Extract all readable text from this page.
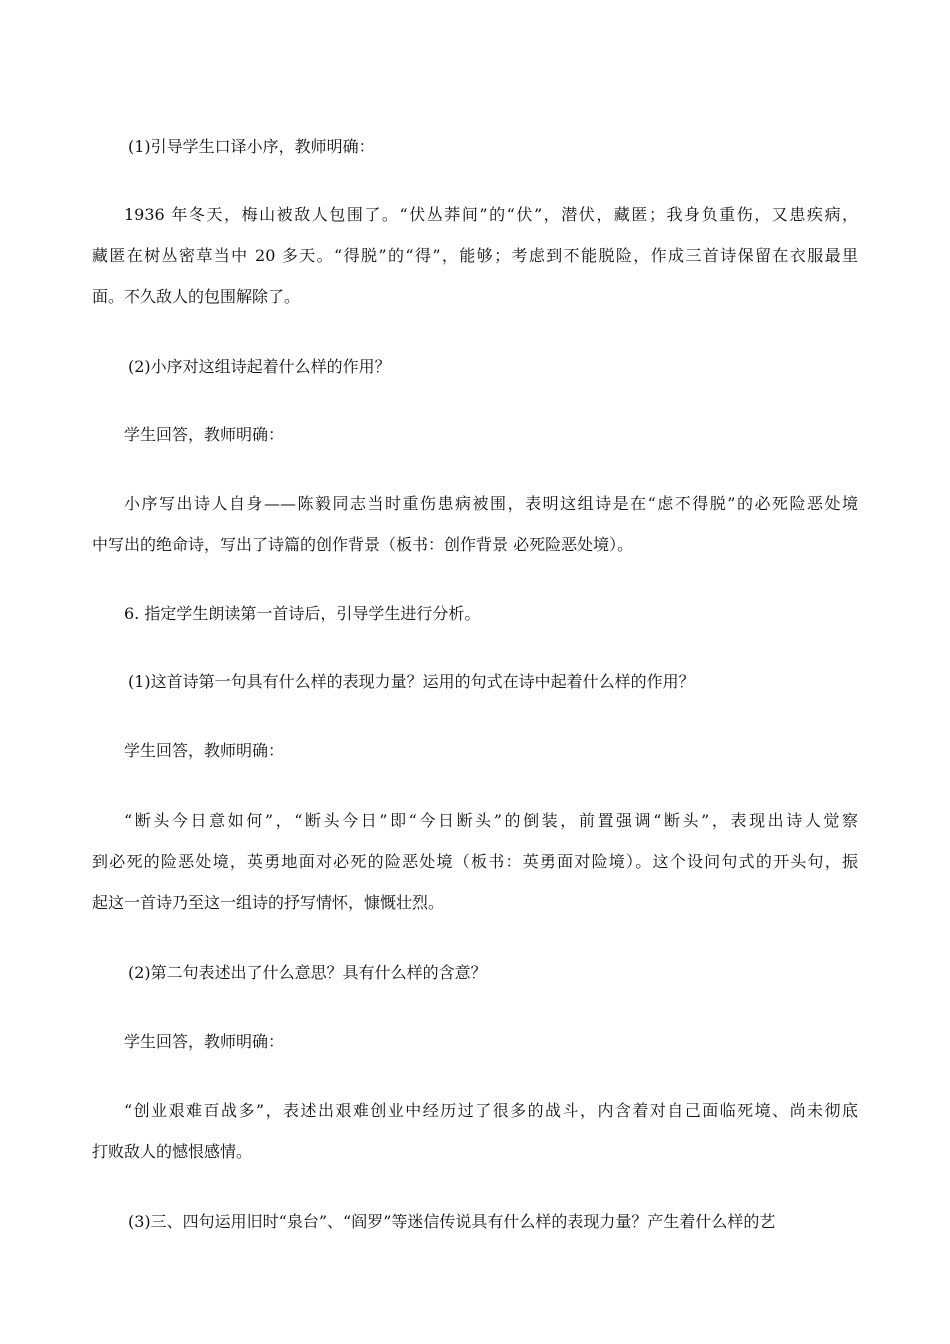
(1)引导学生口译小序，教师明确：
1936 年冬天，梅山被敌人包围了。“伏丛莽间”的“伏”，潜伏，藏匿；我身负重伤，又患疾病，
藏匿在树丛密草当中 20 多天。“得脱”的“得”，能够；考虑到不能脱险，作成三首诗保留在衣服最里
面。不久敌人的包围解除了。
(2)小序对这组诗起着什么样的作用？
学生回答，教师明确：
小序写出诗人自身——陈毅同志当时重伤患病被围，表明这组诗是在“虑不得脱”的必死险恶处境
中写出的绝命诗，写出了诗篇的创作背景（板书：创作背景 必死险恶处境）。
6. 指定学生朗读第一首诗后，引导学生进行分析。
(1)这首诗第一句具有什么样的表现力量？运用的句式在诗中起着什么样的作用？
学生回答，教师明确：
“断头今日意如何”，“断头今日”即“今日断头”的倒装，前置强调“断头”，表现出诗人觉察
到必死的险恶处境，英勇地面对必死的险恶处境（板书：英勇面对险境）。这个设问句式的开头句，振
起这一首诗乃至这一组诗的抒写情怀，慷慨壮烈。
(2)第二句表述出了什么意思？具有什么样的含意？
学生回答，教师明确：
“创业艰难百战多”，表述出艰难创业中经历过了很多的战斗，内含着对自己面临死境、尚未彻底
打败敌人的憾恨感情。
(3)三、四句运用旧时“泉台”、“阎罗”等迷信传说具有什么样的表现力量？产生着什么样的艺
